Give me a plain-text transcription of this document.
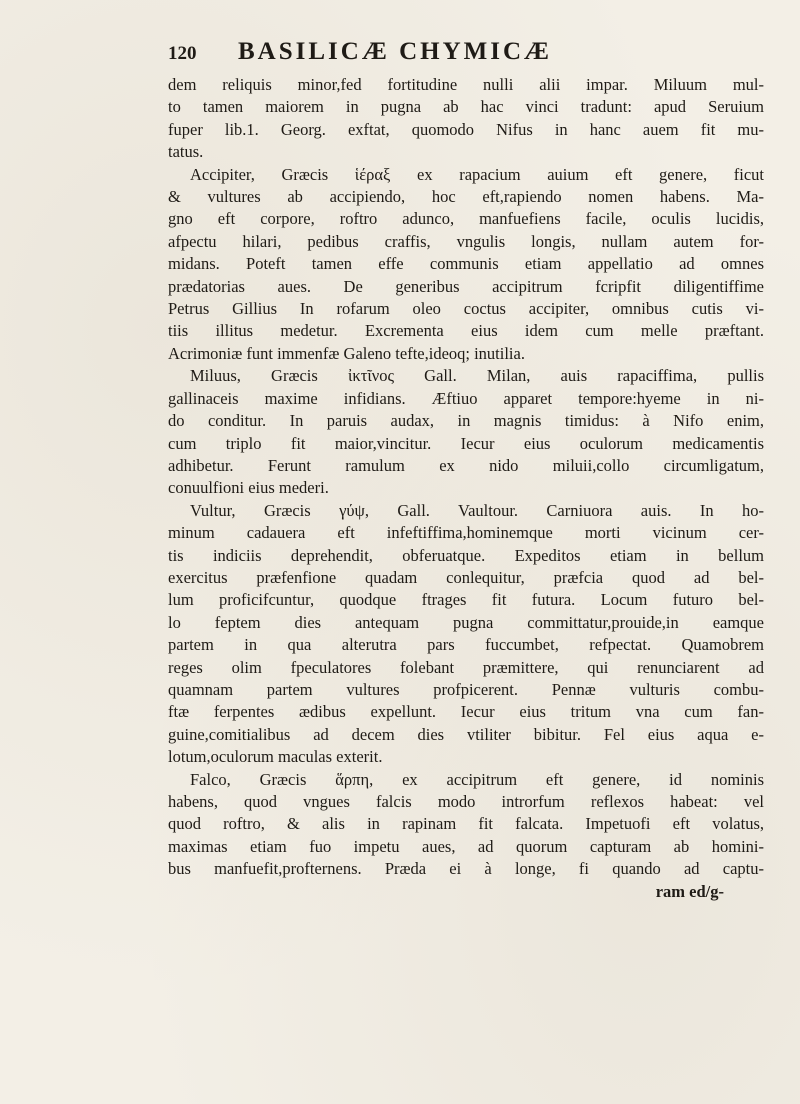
120	BASILICÆ CHYMICÆ
dem reliquis minor,fed fortitudine nulli alii impar. Miluum mul-
to tamen maiorem in pugna ab hac vinci tradunt: apud Seruium
fuper lib.1. Georg. exftat, quomodo Nifus in hanc auem fit mu-
tatus.
Accipiter, Græcis ἱέραξ ex rapacium auium eft genere, ficut
& vultures ab accipiendo, hoc eft,rapiendo nomen habens. Ma-
gno eft corpore, roftro adunco, manfuefiens facile, oculis lucidis,
afpectu hilari, pedibus craffis, vngulis longis, nullam autem for-
midans. Poteft tamen effe communis etiam appellatio ad omnes
prædatorias aues. De generibus accipitrum fcripfit diligentiffime
Petrus Gillius In rofarum oleo coctus accipiter, omnibus cutis vi-
tiis illitus medetur. Excrementa eius idem cum melle præftant.
Acrimoniæ funt immenfæ Galeno tefte,ideoq; inutilia.
Miluus, Græcis ἰκτῖνος Gall. Milan, auis rapaciffima, pullis
gallinaceis maxime infidians. Æftiuo apparet tempore:hyeme in ni-
do conditur. In paruis audax, in magnis timidus: à Nifo enim,
cum triplo fit maior,vincitur. Iecur eius oculorum medicamentis
adhibetur. Ferunt ramulum ex nido miluii,collo circumligatum,
conuulfioni eius mederi.
Vultur, Græcis γύψ, Gall. Vaultour. Carniuora auis. In ho-
minum cadauera eft infeftiffima,hominemque morti vicinum cer-
tis indiciis deprehendit, obferuatque. Expeditos etiam in bellum
exercitus præfenfione quadam conlequitur, præfcia quod ad bel-
lum proficifcuntur, quodque ftrages fit futura. Locum futuro bel-
lo feptem dies antequam pugna committatur,prouide,in eamque
partem in qua alterutra pars fuccumbet, refpectat. Quamobrem
reges olim fpeculatores folebant præmittere, qui renunciarent ad
quamnam partem vultures profpicerent. Pennæ vulturis combu-
ftæ ferpentes ædibus expellunt. Iecur eius tritum vna cum fan-
guine,comitialibus ad decem dies vtiliter bibitur. Fel eius aqua e-
lotum,oculorum maculas exterit.
Falco, Græcis ἅρπη, ex accipitrum eft genere, id nominis
habens, quod vngues falcis modo introrfum reflexos habeat: vel
quod roftro, & alis in rapinam fit falcata. Impetuofi eft volatus,
maximas etiam fuo impetu aues, ad quorum capturam ab homini-
bus manfuefit,profternens. Præda ei à longe, fi quando ad captu-
ram ed/g-
